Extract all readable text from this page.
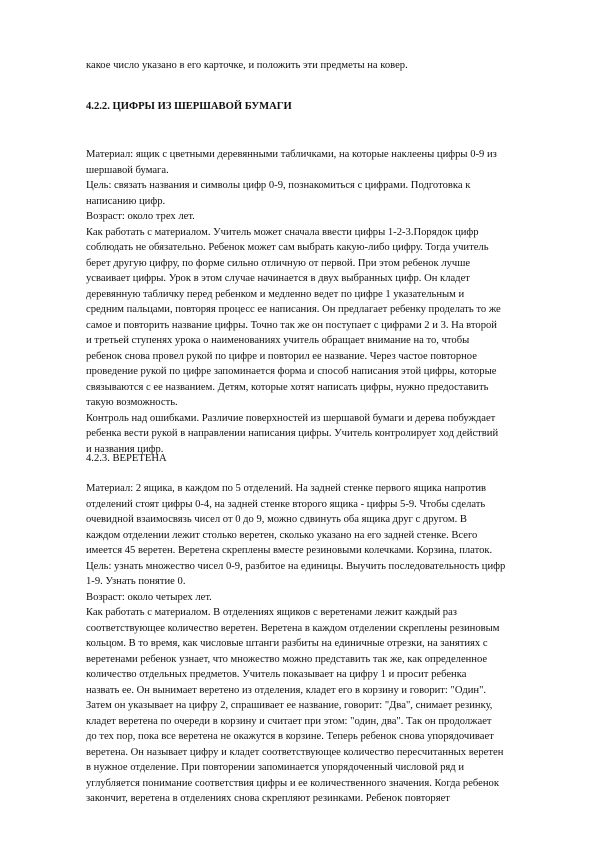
какое число указано в его карточке, и положить эти предметы на ковер.
4.2.2. ЦИФРЫ ИЗ ШЕРШАВОЙ БУМАГИ
Материал: ящик с цветными деревянными табличками, на которые наклеены цифры 0-9 из
шершавой бумага.
Цель: связать названия и символы цифр 0-9, познакомиться с цифрами. Подготовка к
написанию цифр.
Возраст: около трех лет.
Как работать с материалом. Учитель может сначала ввести цифры 1-2-3.Порядок цифр
соблюдать не обязательно. Ребенок может сам выбрать какую-либо цифру. Тогда учитель
берет другую цифру, по форме сильно отличную от первой. При этом ребенок лучше
усваивает цифры. Урок в этом случае начинается в двух выбранных цифр. Он кладет
деревянную табличку перед ребенком и медленно ведет по цифре 1 указательным и
средним пальцами, повторяя процесс ее написания. Он предлагает ребенку проделать то же
самое и повторить название цифры. Точно так же он поступает с цифрами 2 и 3. На второй
и третьей ступенях урока о наименованиях учитель обращает внимание на то, чтобы
ребенок снова провел рукой по цифре и повторил ее название. Через частое повторное
проведение рукой по цифре запоминается форма и способ написания этой цифры, которые
связываются с ее названием. Детям, которые хотят написать цифры, нужно предоставить
такую возможность.
Контроль над ошибками. Различие поверхностей из шершавой бумаги и дерева побуждает
ребенка вести рукой в направлении написания цифры. Учитель контролирует ход действий
и названия цифр.
4.2.3. ВЕРЕТЕНА
Материал: 2 ящика, в каждом по 5 отделений. На задней стенке первого ящика напротив
отделений стоят цифры 0-4, на задней стенке второго ящика - цифры 5-9. Чтобы сделать
очевидной взаимосвязь чисел от 0 до 9, можно сдвинуть оба ящика друг с другом. В
каждом отделении лежит столько веретен, сколько указано на его задней стенке. Всего
имеется 45 веретен. Веретена скреплены вместе резиновыми колечками. Корзина, платок.
Цель: узнать множество чисел 0-9, разбитое на единицы. Выучить последовательность цифр
1-9. Узнать понятие 0.
Возраст: около четырех лет.
Как работать с материалом. В отделениях ящиков с веретенами лежит каждый раз
соответствующее количество веретен. Веретена в каждом отделении скреплены резиновым
кольцом. В то время, как числовые штанги разбиты на единичные отрезки, на занятиях с
веретенами ребенок узнает, что множество можно представить так же, как определенное
количество отдельных предметов. Учитель показывает на цифру 1 и просит ребенка
назвать ее. Он вынимает веретено из отделения, кладет его в корзину и говорит: "Один".
Затем он указывает на цифру 2, спрашивает ее название, говорит: "Два", снимает резинку,
кладет веретена по очереди в корзину и считает при этом: "один, два". Так он продолжает
до тех пор, пока все веретена не окажутся в корзине. Теперь ребенок снова упорядочивает
веретена. Он называет цифру и кладет соответствующее количество пересчитанных веретен
в нужное отделение. При повторении запоминается упорядоченный числовой ряд и
углубляется понимание соответствия цифры и ее количественного значения. Когда ребенок
закончит, веретена в отделениях снова скрепляют резинками. Ребенок повторяет
